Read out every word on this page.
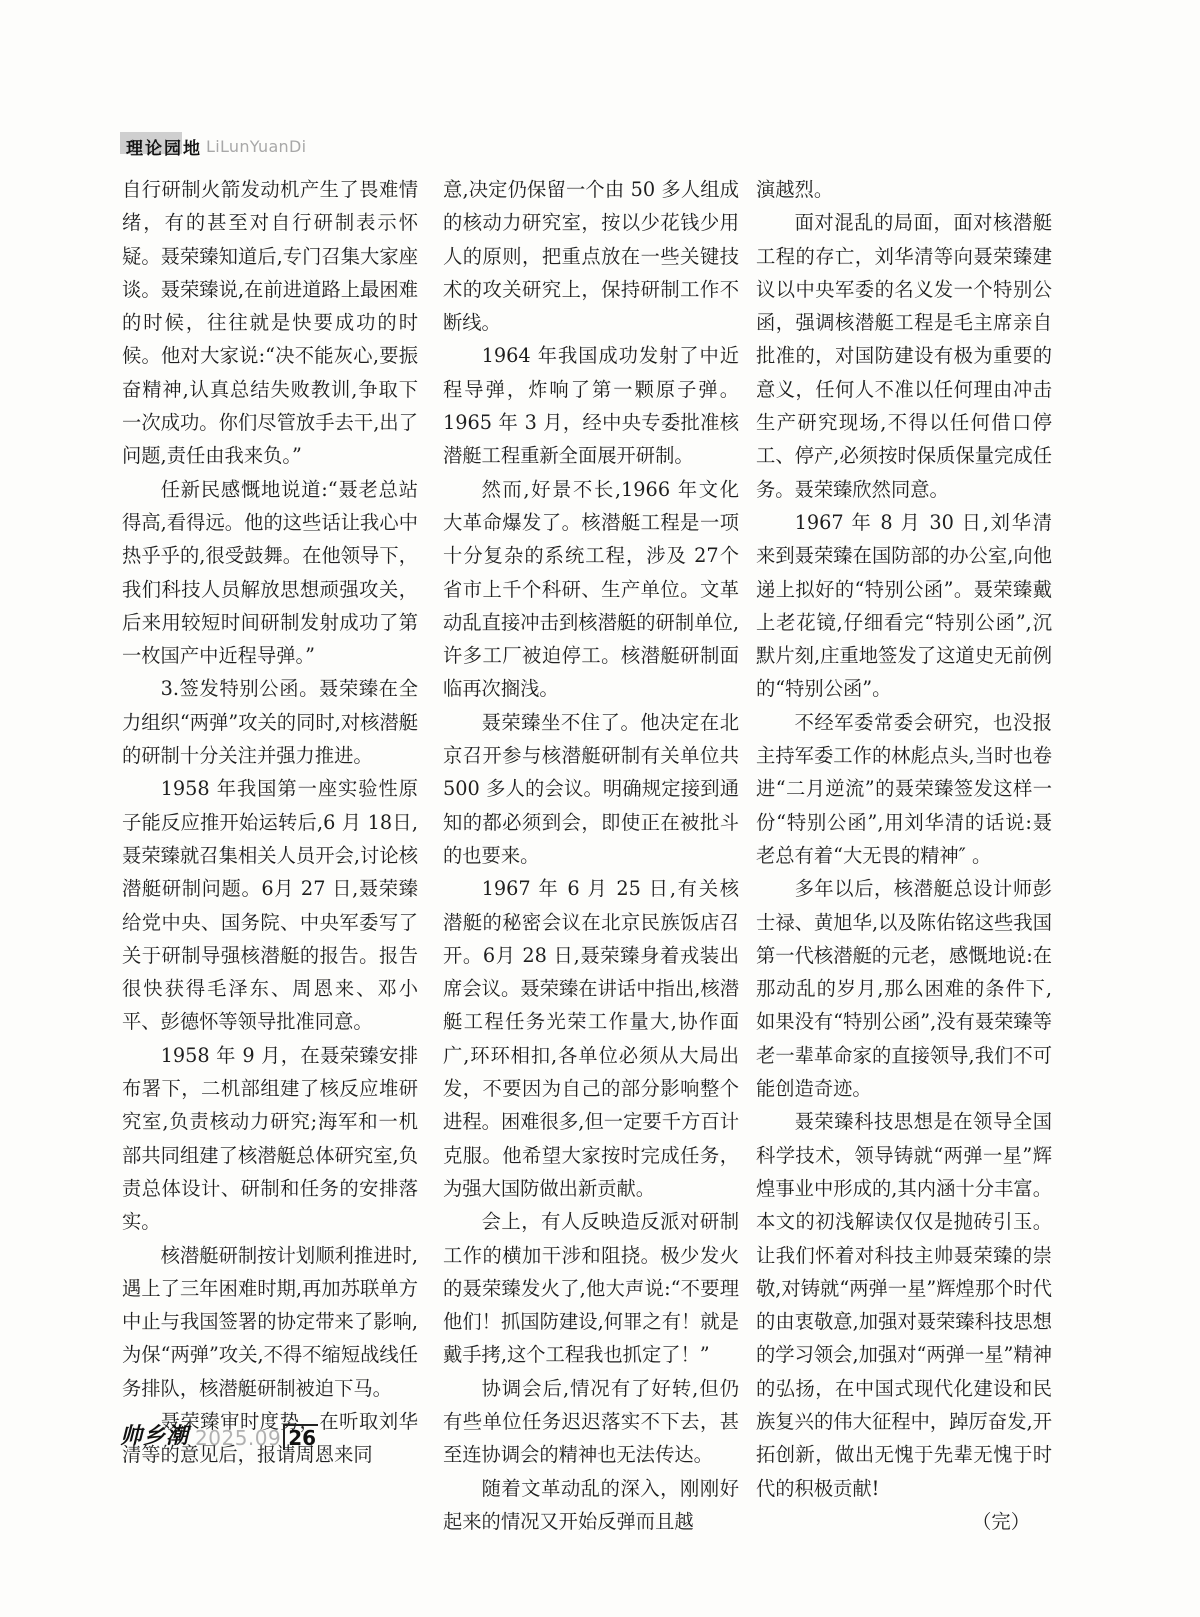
理论园地 LiLunYuanDi

自行研制火箭发动机产生了畏难情绪，有的甚至对自行研制表示怀疑。聂荣臻知道后,专门召集大家座谈。聂荣臻说,在前进道路上最困难的时候，往往就是快要成功的时候。他对大家说:“决不能灰心,要振奋精神,认真总结失败教训,争取下一次成功。你们尽管放手去干,出了问题,责任由我来负。”

任新民感慨地说道:“聂老总站得高,看得远。他的这些话让我心中热乎乎的,很受鼓舞。在他领导下，我们科技人员解放思想顽强攻关，后来用较短时间研制发射成功了第一枚国产中近程导弹。”

3.签发特别公函。聂荣臻在全力组织“两弹”攻关的同时,对核潜艇的研制十分关注并强力推进。

1958 年我国第一座实验性原子能反应推开始运转后,6 月 18日,聂荣臻就召集相关人员开会,讨论核潜艇研制问题。6月 27 日,聂荣臻给党中央、国务院、中央军委写了关于研制导强核潜艇的报告。报告很快获得毛泽东、周恩来、邓小平、彭德怀等领导批准同意。

1958 年 9 月，在聂荣臻安排布署下，二机部组建了核反应堆研究室,负责核动力研究;海军和一机部共同组建了核潜艇总体研究室,负责总体设计、研制和任务的安排落实。

核潜艇研制按计划顺利推进时,遇上了三年困难时期,再加苏联单方中止与我国签署的协定带来了影响,为保“两弹”攻关,不得不缩短战线任务排队，核潜艇研制被迫下马。

聂荣臻审时度势，在听取刘华清等的意见后，报请周恩来同

意,决定仍保留一个由 50 多人组成的核动力研究室，按以少花钱少用人的原则，把重点放在一些关键技术的攻关研究上，保持研制工作不断线。

1964 年我国成功发射了中近程导弹，炸响了第一颗原子弹。1965 年 3 月，经中央专委批准核潜艇工程重新全面展开研制。

然而,好景不长,1966 年文化大革命爆发了。核潜艇工程是一项十分复杂的系统工程，涉及 27个省市上千个科研、生产单位。文革动乱直接冲击到核潜艇的研制单位,许多工厂被迫停工。核潜艇研制面临再次搁浅。

聂荣臻坐不住了。他决定在北京召开参与核潜艇研制有关单位共 500 多人的会议。明确规定接到通知的都必须到会，即使正在被批斗的也要来。

1967 年 6 月 25 日,有关核潜艇的秘密会议在北京民族饭店召开。6月 28 日,聂荣臻身着戎装出席会议。聂荣臻在讲话中指出,核潜艇工程任务光荣工作量大,协作面广,环环相扣,各单位必须从大局出发，不要因为自己的部分影响整个进程。困难很多,但一定要千方百计克服。他希望大家按时完成任务，为强大国防做出新贡献。

会上，有人反映造反派对研制工作的横加干涉和阻挠。极少发火的聂荣臻发火了,他大声说:“不要理他们！抓国防建设,何罪之有！就是戴手拷,这个工程我也抓定了！”

协调会后,情况有了好转,但仍有些单位任务迟迟落实不下去，甚至连协调会的精神也无法传达。

随着文革动乱的深入，刚刚好起来的情况又开始反弹而且越

演越烈。

面对混乱的局面，面对核潜艇工程的存亡，刘华清等向聂荣臻建议以中央军委的名义发一个特别公函，强调核潜艇工程是毛主席亲自批准的，对国防建设有极为重要的意义，任何人不准以任何理由冲击生产研究现场,不得以任何借口停工、停产,必须按时保质保量完成任务。聂荣臻欣然同意。

1967 年 8 月 30 日,刘华清来到聂荣臻在国防部的办公室,向他递上拟好的“特别公函”。聂荣臻戴上老花镜,仔细看完“特别公函”,沉默片刻,庄重地签发了这道史无前例的“特别公函”。

不经军委常委会研究，也没报主持军委工作的林彪点头,当时也卷进“二月逆流”的聂荣臻签发这样一份“特别公函”,用刘华清的话说:聂老总有着“大无畏的精神″ 。

多年以后，核潜艇总设计师彭士禄、黄旭华,以及陈佑铭这些我国第一代核潜艇的元老，感慨地说:在那动乱的岁月,那么困难的条件下,如果没有“特别公函”,没有聂荣臻等老一辈革命家的直接领导,我们不可能创造奇迹。

聂荣臻科技思想是在领导全国科学技术，领导铸就“两弹一星”辉煌事业中形成的,其内涵十分丰富。本文的初浅解读仅仅是抛砖引玉。让我们怀着对科技主帅聂荣臻的崇敬,对铸就“两弹一星”辉煌那个时代的由衷敬意,加强对聂荣臻科技思想的学习领会,加强对“两弹一星”精神的弘扬，在中国式现代化建设和民族复兴的伟大征程中，踔厉奋发,开拓创新，做出无愧于先辈无愧于时代的积极贡献!

（完）

帅乡潮 2025.09 26
